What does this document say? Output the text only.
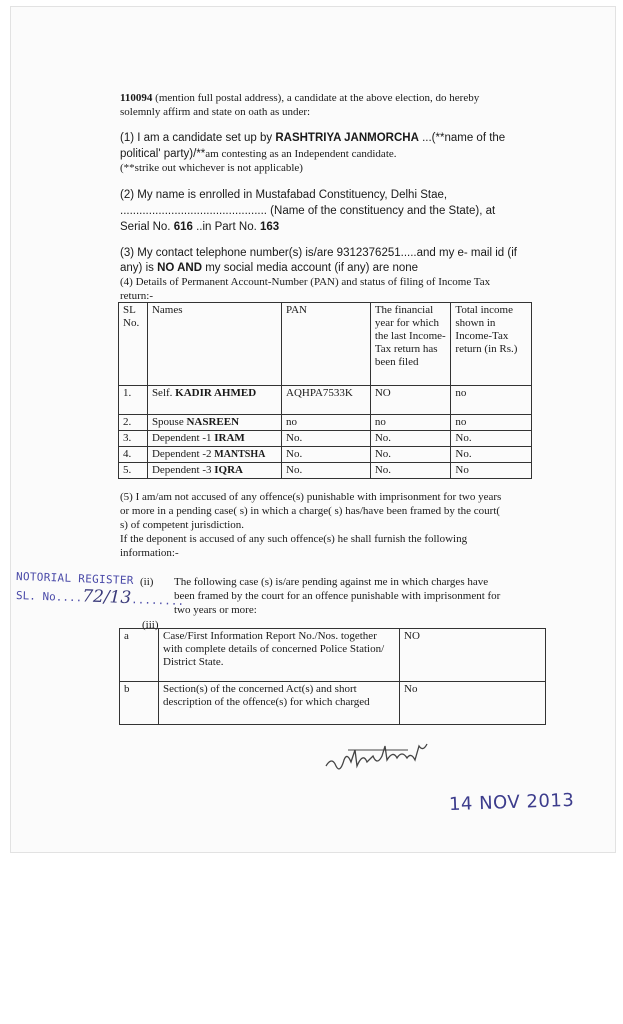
110094 (mention full postal address), a candidate at the above election, do hereby
solemnly affirm and state on oath as under:
(1) I am a candidate set up by RASHTRIYA JANMORCHA ...(**name of the
political' party)/**am contesting as an Independent candidate.
(**strike out whichever is not applicable)
(2) My name is enrolled in Mustafabad Constituency, Delhi Stae,
.............................................. (Name of the constituency and the State), at
Serial No. 616 ..in Part No. 163
(3) My contact telephone number(s) is/are 9312376251.....and my e- mail id (if
any) is NO AND my social media account (if any) are none
(4) Details of Permanent Account-Number (PAN) and status of filing of Income Tax
return:-
SL No.	Names	PAN	The financial year for which the last Income-Tax return has been filed	Total income shown in Income-Tax return (in Rs.)
1.	Self. KADIR AHMED	AQHPA7533K	NO	no
2.	Spouse NASREEN	no	no	no
3.	Dependent -1 IRAM	No.	No.	No.
4.	Dependent -2 MANTSHA	No.	No.	No.
5.	Dependent -3 IQRA	No.	No.	No
(5) I am/am not accused of any offence(s) punishable with imprisonment for two years
or more in a pending case( s) in which a charge( s) has/have been framed by the court(
s) of competent jurisdiction.
If the deponent is accused of any such offence(s) he shall furnish the following
information:-
(ii) The following case (s) is/are pending against me in which charges have
been framed by the court for an offence punishable with imprisonment for
two years or more:
(iii)
a	Case/First Information Report No./Nos. together with complete details of concerned Police Station/ District State.	NO
b	Section(s) of the concerned Act(s) and short description of the offence(s) for which charged	No
NOTORIAL REGISTER
SL. No....72/13........
14 NOV 2013
